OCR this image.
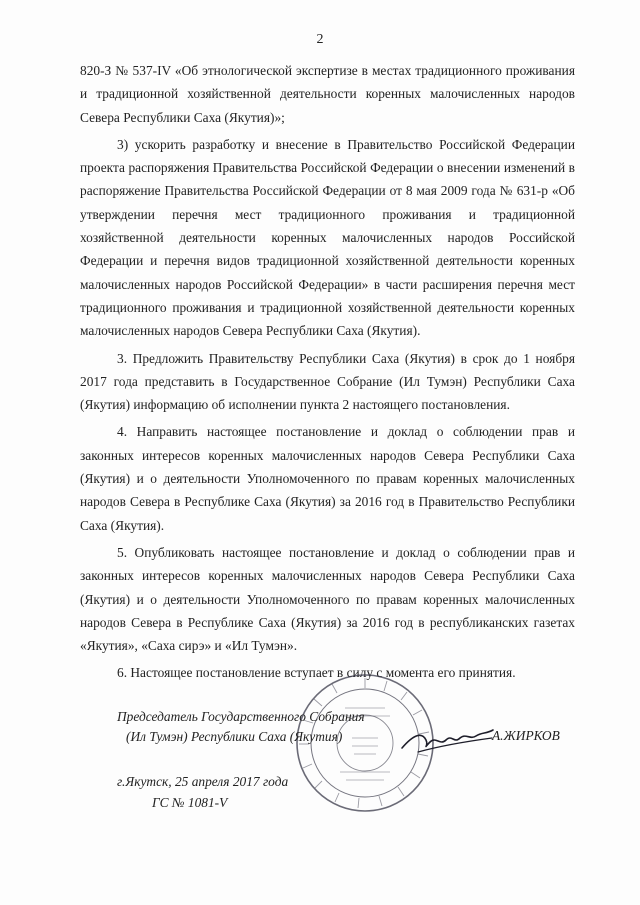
2

820-З № 537-IV «Об этнологической экспертизе в местах традиционного проживания и традиционной хозяйственной деятельности коренных малочисленных народов Севера Республики Саха (Якутия)»;

3) ускорить разработку и внесение в Правительство Российской Федерации проекта распоряжения Правительства Российской Федерации о внесении изменений в распоряжение Правительства Российской Федерации от 8 мая 2009 года № 631-р «Об утверждении перечня мест традиционного проживания и традиционной хозяйственной деятельности коренных малочисленных народов Российской Федерации и перечня видов традиционной хозяйственной деятельности коренных малочисленных народов Российской Федерации» в части расширения перечня мест традиционного проживания и традиционной хозяйственной деятельности коренных малочисленных народов Севера Республики Саха (Якутия).

3. Предложить Правительству Республики Саха (Якутия) в срок до 1 ноября 2017 года представить в Государственное Собрание (Ил Тумэн) Республики Саха (Якутия) информацию об исполнении пункта 2 настоящего постановления.

4. Направить настоящее постановление и доклад о соблюдении прав и законных интересов коренных малочисленных народов Севера Республики Саха (Якутия) и о деятельности Уполномоченного по правам коренных малочисленных народов Севера в Республике Саха (Якутия) за 2016 год в Правительство Республики Саха (Якутия).

5. Опубликовать настоящее постановление и доклад о соблюдении прав и законных интересов коренных малочисленных народов Севера Республики Саха (Якутия) и о деятельности Уполномоченного по правам коренных малочисленных народов Севера в Республике Саха (Якутия) за 2016 год в республиканских газетах «Якутия», «Саха сирэ» и «Ил Тумэн».

6. Настоящее постановление вступает в силу с момента его принятия.

Председатель Государственного Собрания
(Ил Тумэн) Республики Саха (Якутия)	А.ЖИРКОВ
г.Якутск, 25 апреля 2017 года
ГС № 1081-V
